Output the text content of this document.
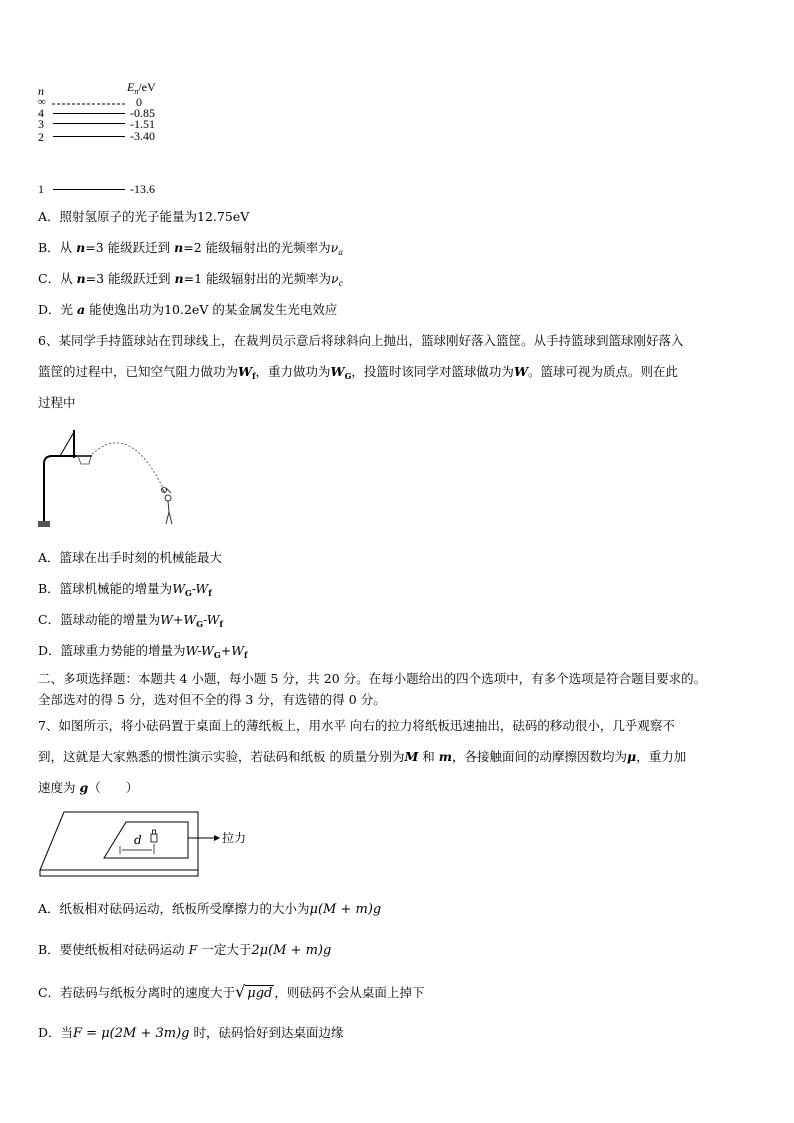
n	$E_n/eV$
∞	0
4	-0.85
3	-1.51
2	-3.40
1	-13.6
A．照射氢原子的光子能量为12.75eV
B．从 n=3 能级跃迁到 n=2 能级辐射出的光频率为$\nu_a$
C．从 n=3 能级跃迁到 n=1 能级辐射出的光频率为$\nu_c$
D．光 a 能使逸出功为10.2eV 的某金属发生光电效应
6、某同学手持篮球站在罚球线上，在裁判员示意后将球斜向上抛出，篮球刚好落入篮筐。从手持篮球到篮球刚好落入
篮筐的过程中，已知空气阻力做功为$W_f$，重力做功为$W_G$，投篮时该同学对篮球做功为W。篮球可视为质点。则在此
过程中
A．篮球在出手时刻的机械能最大
B．篮球机械能的增量为$W_G-W_f$
C．篮球动能的增量为$W+W_G-W_f$
D．篮球重力势能的增量为$W-W_G+W_f$
二、多项选择题：本题共 4 小题，每小题 5 分，共 20 分。在每小题给出的四个选项中，有多个选项是符合题目要求的。
全部选对的得 5 分，选对但不全的得 3 分，有选错的得 0 分。
7、如图所示，将小砝码置于桌面上的薄纸板上，用水平 向右的拉力将纸板迅速抽出，砝码的移动很小，几乎观察不
到，这就是大家熟悉的惯性演示实验，若砝码和纸板 的质量分别为M 和 m，各接触面间的动摩擦因数均为μ，重力加
速度为 g（　　）
d	拉力
A．纸板相对砝码运动，纸板所受摩擦力的大小为μ(M + m)g
B．要使纸板相对砝码运动 F 一定大于2μ(M + m)g
C．若砝码与纸板分离时的速度大于√ μgd ，则砝码不会从桌面上掉下
D．当F = μ(2M + 3m)g 时，砝码恰好到达桌面边缘
